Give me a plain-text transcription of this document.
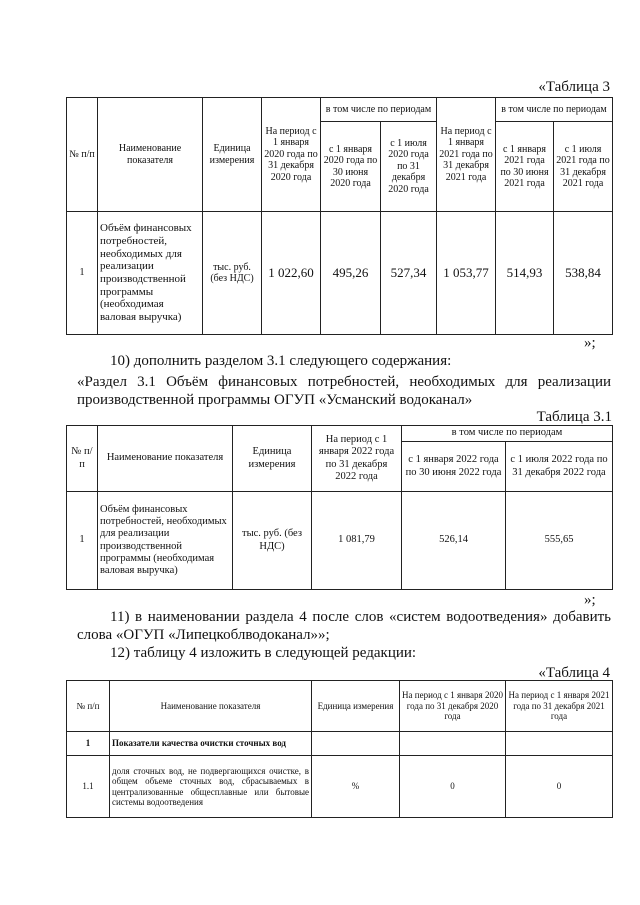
«Таблица 3
№ п/п	Наименование показателя	Единица измерения	На период с 1 января 2020 года по 31 декабря 2020 года	в том числе по периодам		На период с 1 января 2021 года по 31 декабря 2021 года	в том числе по периодам	
				с 1 января 2020 года по 30 июня 2020 года	с 1 июля 2020 года по 31 декабря 2020 года		с 1 января 2021 года по 30 июня 2021 года	с 1 июля 2021 года по 31 декабря 2021 года
1	Объём финансовых потребностей, необходимых для реализации производственной программы (необходимая валовая выручка)	тыс. руб. (без НДС)	1 022,60	495,26	527,34	1 053,77	514,93	538,84
»;
10) дополнить разделом 3.1 следующего содержания:
«Раздел 3.1 Объём финансовых потребностей, необходимых для реализации производственной программы ОГУП «Усманский водоканал»
Таблица 3.1
№ п/п	Наименование показателя	Единица измерения	На период с 1 января 2022 года по 31 декабря 2022 года	в том числе по периодам	
				с 1 января 2022 года по 30 июня 2022 года	с 1 июля 2022 года по 31 декабря 2022 года
1	Объём финансовых потребностей, необходимых для реализации производственной программы (необходимая валовая выручка)	тыс. руб. (без НДС)	1 081,79	526,14	555,65
»;
11) в наименовании раздела 4 после слов «систем водоотведения» добавить слова «ОГУП «Липецкоблводоканал»»;
12) таблицу 4 изложить в следующей редакции:
«Таблица 4
№ п/п	Наименование показателя	Единица измерения	На период с 1 января 2020 года по 31 декабря 2020 года	На период с 1 января 2021 года по 31 декабря 2021 года
1	Показатели качества очистки сточных вод			
1.1	доля сточных вод, не подвергающихся очистке, в общем объеме сточных вод, сбрасываемых в централизованные общесплавные или бытовые системы водоотведения	%	0	0
